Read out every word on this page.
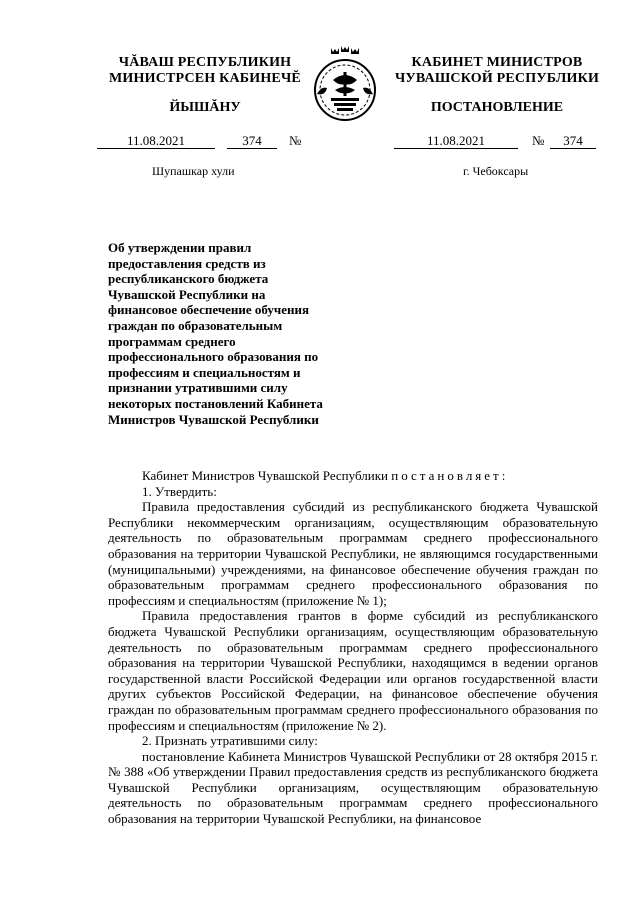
ЧĂВАШ РЕСПУБЛИКИН
МИНИСТРСЕН КАБИНЕЧĔ
ЙЫШĂНУ
КАБИНЕТ МИНИСТРОВ
ЧУВАШСКОЙ РЕСПУБЛИКИ
ПОСТАНОВЛЕНИЕ
11.08.2021	374	№	11.08.2021	№	374
Шупашкар хули	г. Чебоксары
Об утверждении правил предоставления средств из республиканского бюджета Чувашской Республики на финансовое обеспечение обучения граждан по образовательным программам среднего профессионального образования по профессиям и специальностям и признании утратившими силу некоторых постановлений Кабинета Министров Чувашской Республики

Кабинет Министров Чувашской Республики постановляет:

1. Утвердить:

Правила предоставления субсидий из республиканского бюджета Чувашской Республики некоммерческим организациям, осуществляющим образовательную деятельность по образовательным программам среднего профессионального образования на территории Чувашской Республики, не являющимся государственными (муниципальными) учреждениями, на финансовое обеспечение обучения граждан по образовательным программам среднего профессионального образования по профессиям и специальностям (приложение № 1);

Правила предоставления грантов в форме субсидий из республиканского бюджета Чувашской Республики организациям, осуществляющим образовательную деятельность по образовательным программам среднего профессионального образования на территории Чувашской Республики, находящимся в ведении органов государственной власти Российской Федерации или органов государственной власти других субъектов Российской Федерации, на финансовое обеспечение обучения граждан по образовательным программам среднего профессионального образования по профессиям и специальностям (приложение № 2).

2. Признать утратившими силу:

постановление Кабинета Министров Чувашской Республики от 28 октября 2015 г. № 388 «Об утверждении Правил предоставления средств из республиканского бюджета Чувашской Республики организациям, осуществляющим образовательную деятельность по образовательным программам среднего профессионального образования на территории Чувашской Республики, на финансовое
